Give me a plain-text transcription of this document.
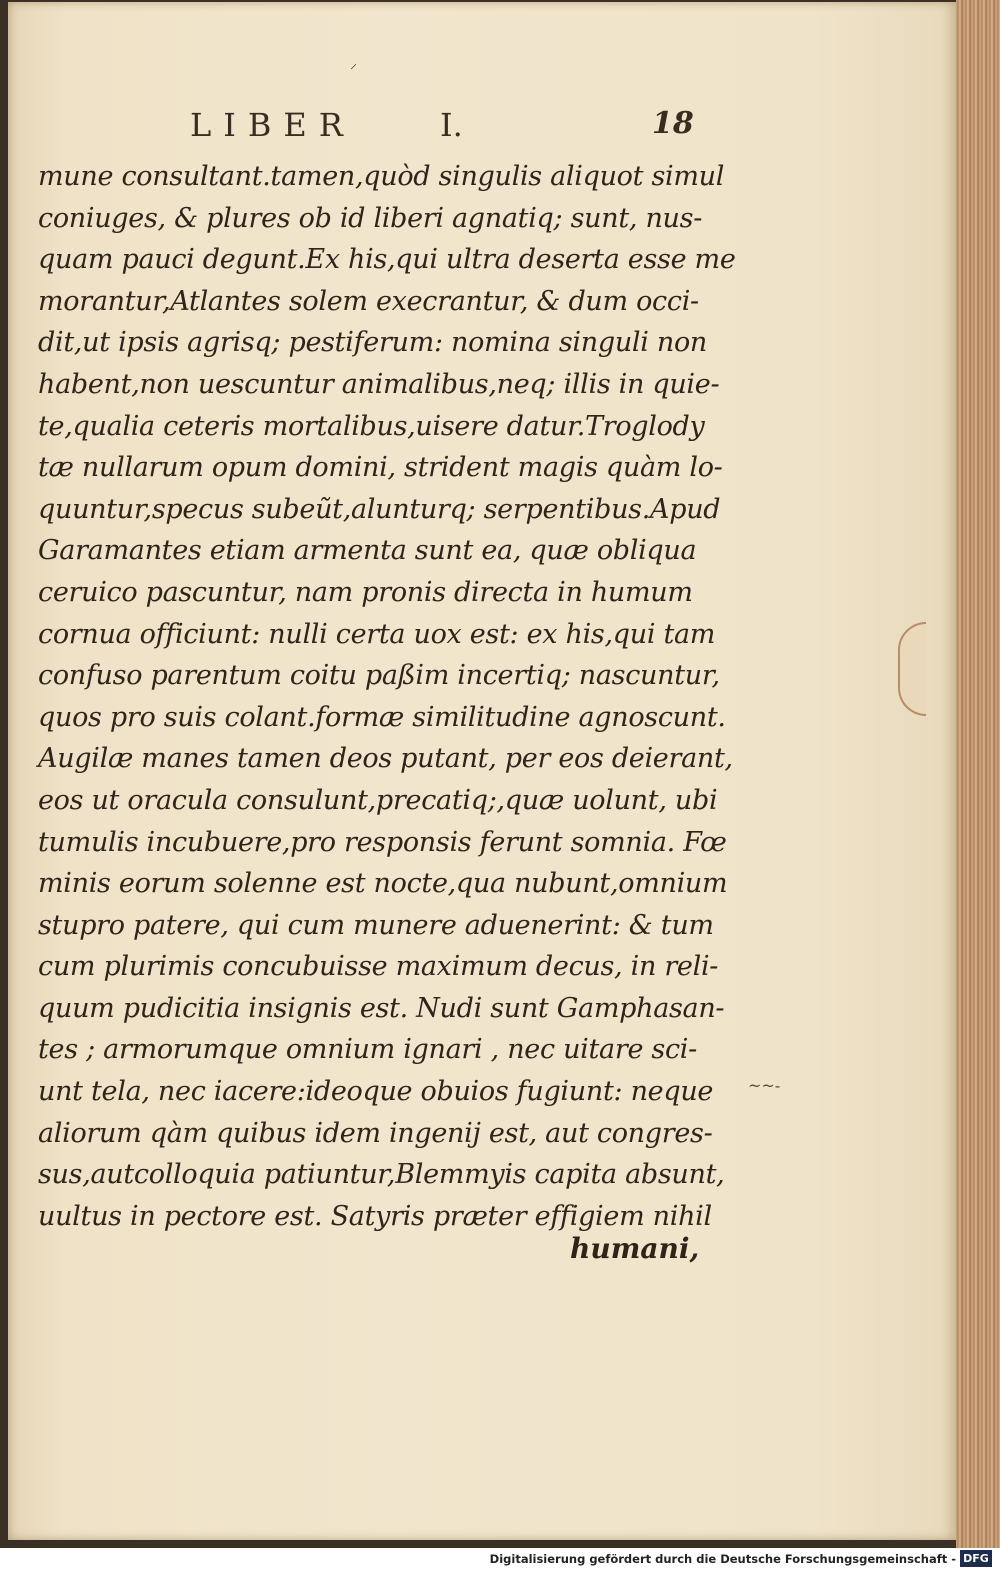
⸍
LIBER	I.	18
mune consultant.tamen,quòd singulis aliquot simul
coniuges, & plures ob id liberi agnatiq; sunt, nus-
quam pauci degunt.Ex his,qui ultra deserta esse me
morantur,Atlantes solem execrantur, & dum occi-
dit,ut ipsis agrisq; pestiferum: nomina singuli non
habent,non uescuntur animalibus,neq; illis in quie-
te,qualia ceteris mortalibus,uisere datur.Troglody
tæ nullarum opum domini, strident magis quàm lo-
quuntur,specus subeũt,alunturq; serpentibus.Apud
Garamantes etiam armenta sunt ea, quæ obliqua
ceruico pascuntur, nam pronis directa in humum
cornua officiunt: nulli certa uox est: ex his,qui tam
confuso parentum coitu paßim incertiq; nascuntur,
quos pro suis colant.formæ similitudine agnoscunt.
Augilæ manes tamen deos putant, per eos deierant,
eos ut oracula consulunt,precatiq;,quæ uolunt, ubi
tumulis incubuere,pro responsis ferunt somnia. Fœ
minis eorum solenne est nocte,qua nubunt,omnium
stupro patere, qui cum munere aduenerint: & tum
cum plurimis concubuisse maximum decus, in reli-
quum pudicitia insignis est. Nudi sunt Gamphasan-
tes ; armorumque omnium ignari , nec uitare sci-
unt tela, nec iacere:ideoque obuios fugiunt: neque
aliorum qàm quibus idem ingenij est, aut congres-
sus,autcolloquia patiuntur,Blemmyis capita absunt,
uultus in pectore est. Satyris præter effigiem nihil
humani,
~~-
Digitalisierung gefördert durch die Deutsche Forschungsgemeinschaft - DFG
